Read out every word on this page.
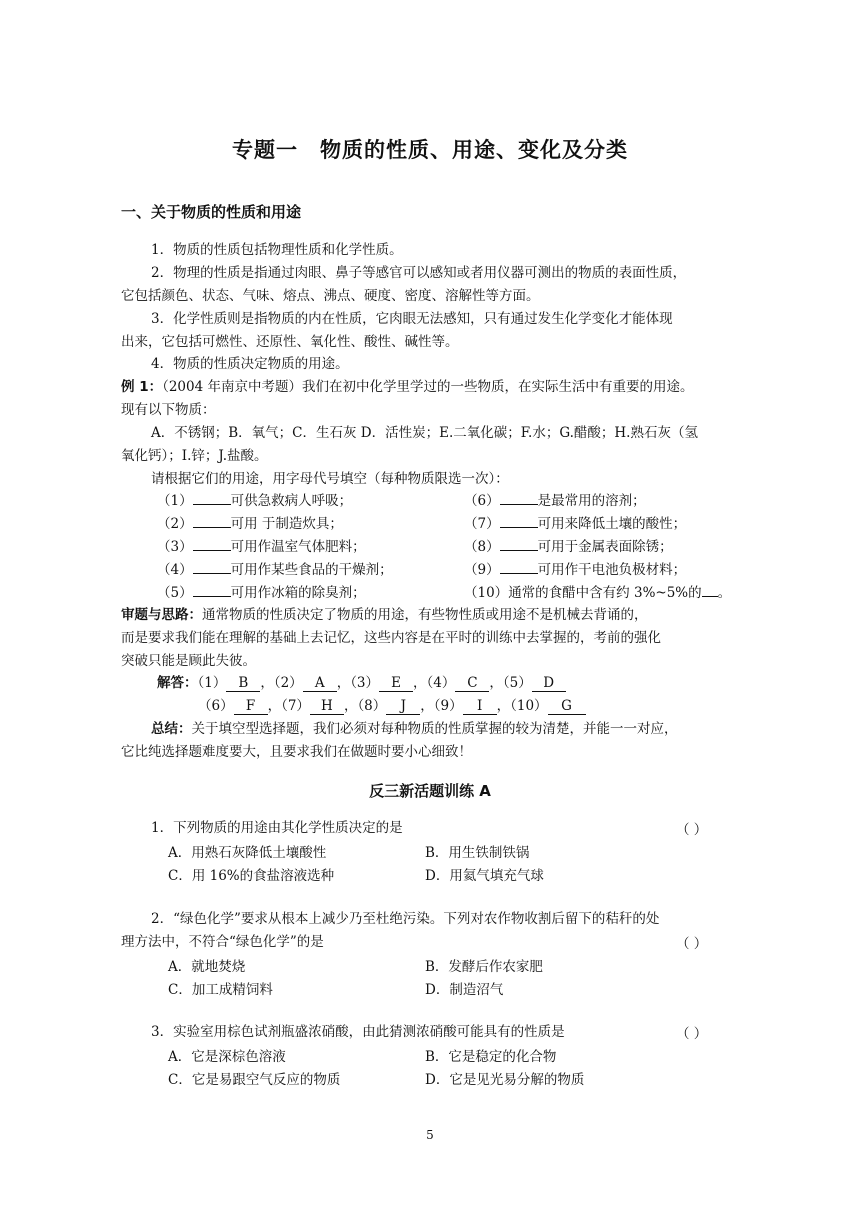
专题一 物质的性质、用途、变化及分类
一、关于物质的性质和用途
1．物质的性质包括物理性质和化学性质。
2．物理的性质是指通过肉眼、鼻子等感官可以感知或者用仪器可测出的物质的表面性质，
它包括颜色、状态、气味、熔点、沸点、硬度、密度、溶解性等方面。
3．化学性质则是指物质的内在性质，它肉眼无法感知，只有通过发生化学变化才能体现
出来，它包括可燃性、还原性、氧化性、酸性、碱性等。
4．物质的性质决定物质的用途。
例 1：（2004 年南京中考题）我们在初中化学里学过的一些物质，在实际生活中有重要的用途。
现有以下物质：
A．不锈钢；B．氧气；C．生石灰 D．活性炭；E.二氧化碳；F.水；G.醋酸；H.熟石灰（氢
氧化钙）；I.锌；J.盐酸。
请根据它们的用途，用字母代号填空（每种物质限选一次）：
（1）	可供急救病人呼吸；
（2）	可用 于制造炊具；
（3）	可用作温室气体肥料；
（4）	可用作某些食品的干燥剂；
（5）	可用作冰箱的除臭剂；
（6）	是最常用的溶剂；
（7）	可用来降低土壤的酸性；
（8）	可用于金属表面除锈；
（9）	可用作干电池负极材料；
（10）通常的食醋中含有约 3%~5%的 。
审题与思路：通常物质的性质决定了物质的用途，有些物性质或用途不是机械去背诵的，
而是要求我们能在理解的基础上去记忆，这些内容是在平时的训练中去掌握的，考前的强化
突破只能是顾此失彼。
解答：（1） B ，（2） A ，（3） E ，（4） C ，（5） D
（6） F ，（7） H ，（8） J ，（9） I ，（10） G
总结：关于填空型选择题，我们必须对每种物质的性质掌握的较为清楚，并能一一对应，
它比纯选择题难度要大，且要求我们在做题时要小心细致！
反三新活题训练 A
1．下列物质的用途由其化学性质决定的是	（ ）
A．用熟石灰降低土壤酸性	B．用生铁制铁锅
C．用 16%的食盐溶液选种	D．用氦气填充气球
2．“绿色化学”要求从根本上减少乃至杜绝污染。下列对农作物收割后留下的秸秆的处
理方法中，不符合“绿色化学”的是	（ ）
A．就地焚烧	B．发酵后作农家肥
C．加工成精饲料	D．制造沼气
3．实验室用棕色试剂瓶盛浓硝酸，由此猜测浓硝酸可能具有的性质是	（ ）
A．它是深棕色溶液	B．它是稳定的化合物
C．它是易跟空气反应的物质	D．它是见光易分解的物质
5
